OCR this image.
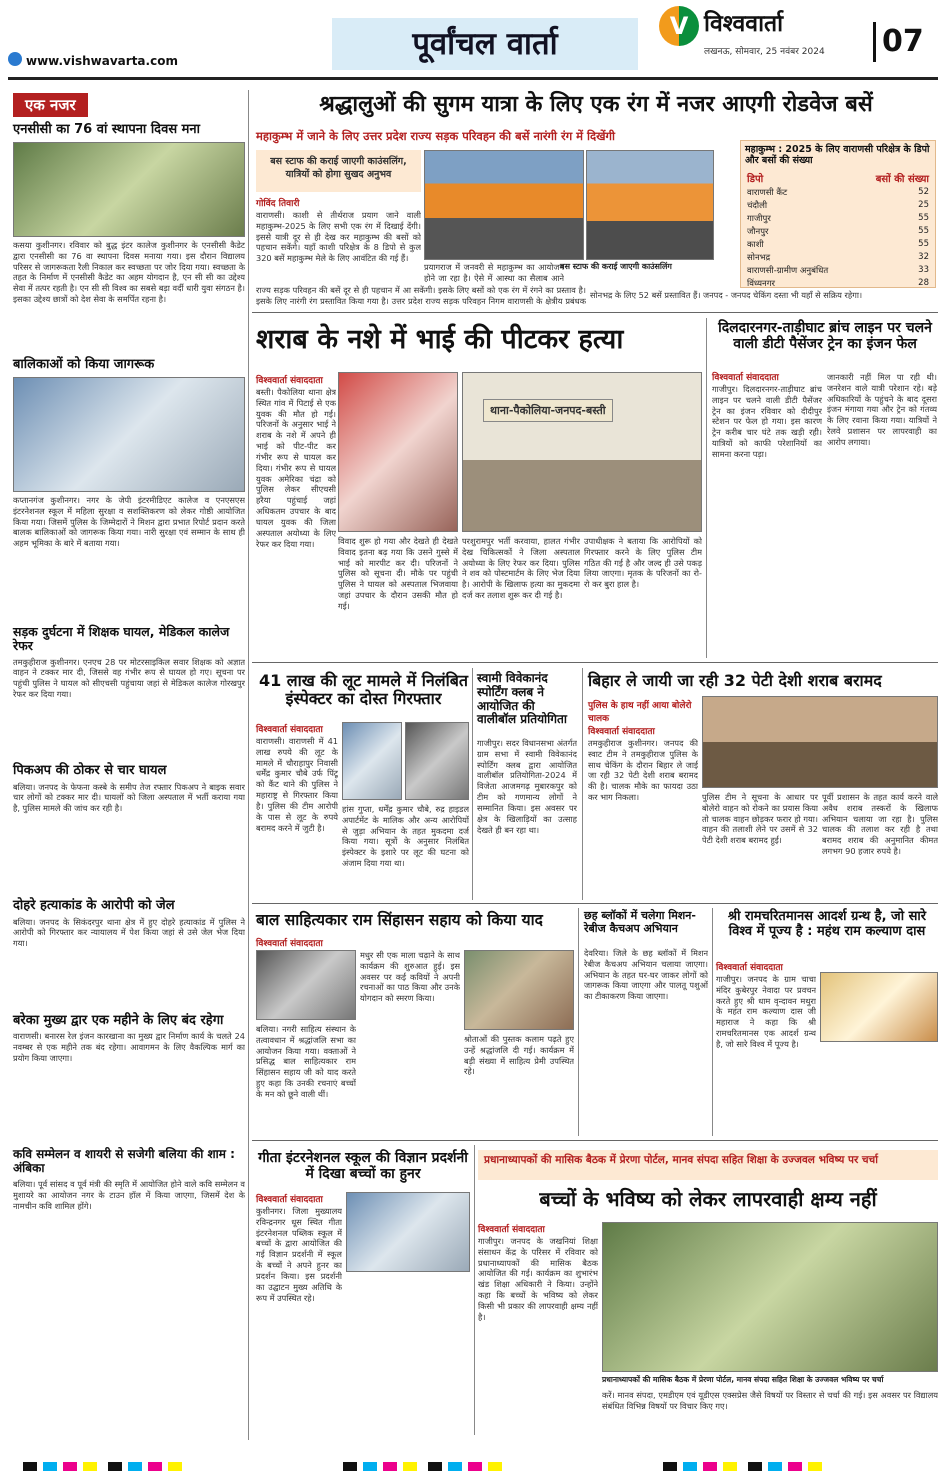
www.vishwavarta.com	पूर्वांचल वार्ता	V विश्ववार्ता
लखनऊ, सोमवार, 25 नवंबर 2024	07
एक नजर
एनसीसी का 76 वां स्थापना दिवस मना
कसया कुशीनगर। रविवार को बुद्ध इंटर कालेज कुशीनगर के एनसीसी कैडेट द्वारा एनसीसी का 76 वा स्थापना दिवस मनाया गया। इस दौरान विद्यालय परिसर से जागरूकता रैली निकाल कर स्वच्छता पर जोर दिया गया। स्वच्छता के तहत के निर्माण में एनसीसी कैडेट का अहम योगदान है, एन सी सी का उद्देश्य सेवा में तत्पर रहती है। एन सी सी विश्व का सबसे बड़ा वर्दी धारी युवा संगठन है। इसका उद्देश्य छात्रों को देश सेवा के समर्पित रहना है।
बालिकाओं को किया जागरूक
कप्तानगंज कुशीनगर। नगर के जेपी इंटरमीडिएट कालेज व एनएसएस इंटरनेशनल स्कूल में महिला सुरक्षा व सशक्तिकरण को लेकर गोष्ठी आयोजित किया गया। जिसमें पुलिस के जिम्मेदारों ने मिशन द्वारा प्रभात रिपोर्ट प्रदान करते बालक बालिकाओं को जागरूक किया गया। नारी सुरक्षा एवं सम्मान के साथ ही अहम भूमिका के बारे में बताया गया।
सड़क दुर्घटना में शिक्षक घायल, मेडिकल कालेज रेफर
तमकुहीराज कुशीनगर। एनएच 28 पर मोटरसाइकिल सवार शिक्षक को अज्ञात वाहन ने टक्कर मार दी, जिससे वह गंभीर रूप से घायल हो गए। सूचना पर पहुंची पुलिस ने घायल को सीएचसी पहुंचाया जहां से मेडिकल कालेज गोरखपुर रेफर कर दिया गया।
पिकअप की ठोकर से चार घायल
बलिया। जनपद के फेफना कस्बे के समीप तेज रफ्तार पिकअप ने बाइक सवार चार लोगों को टक्कर मार दी। घायलों को जिला अस्पताल में भर्ती कराया गया है, पुलिस मामले की जांच कर रही है।
दोहरे हत्याकांड के आरोपी को जेल
बलिया। जनपद के सिकंदरपुर थाना क्षेत्र में हुए दोहरे हत्याकांड में पुलिस ने आरोपी को गिरफ्तार कर न्यायालय में पेश किया जहां से उसे जेल भेज दिया गया।
बरेका मुख्य द्वार एक महीने के लिए बंद रहेगा
वाराणसी। बनारस रेल इंजन कारखाना का मुख्य द्वार निर्माण कार्य के चलते 24 नवम्बर से एक महीने तक बंद रहेगा। आवागमन के लिए वैकल्पिक मार्ग का प्रयोग किया जाएगा।
कवि सम्मेलन व शायरी से सजेगी बलिया की शाम : अंबिका
बलिया। पूर्व सांसद व पूर्व मंत्री की स्मृति में आयोजित होने वाले कवि सम्मेलन व मुशायरे का आयोजन नगर के टाउन हॉल में किया जाएगा, जिसमें देश के नामचीन कवि शामिल होंगे।
श्रद्धालुओं की सुगम यात्रा के लिए एक रंग में नजर आएगी रोडवेज बसें
महाकुम्भ में जाने के लिए उत्तर प्रदेश राज्य सड़क परिवहन की बसें नारंगी रंग में दिखेंगी
बस स्टाफ की कराई जाएगी काउंसलिंग, यात्रियों को होगा सुखद अनुभव
गोविंद तिवारी
वाराणसी। काशी से तीर्थराज प्रयाग जाने वाली महाकुम्भ-2025 के लिए सभी एक रंग में दिखाई देंगी। इससे यात्री दूर से ही देख कर महाकुम्भ की बसों को पहचान सकेंगे। यहाँ काशी परिक्षेत्र के 8 डिपो से कुल 320 बसें महाकुम्भ मेले के लिए आवंटित की गई हैं।
बस स्टाफ की कराई जाएगी काउंसलिंग
प्रयागराज में जनवरी से महाकुम्भ का आयोजन होने जा रहा है। ऐसे में आस्था का सैलाब आने
महाकुम्भ : 2025 के लिए वाराणसी परिक्षेत्र के डिपो और बसों की संख्या
डिपो	बसों की संख्या
वाराणसी कैंट	52
चंदौली	25
गाजीपुर	55
जौनपुर	55
काशी	55
सोनभद्र	32
वाराणसी-ग्रामीण अनुबंधित	33
विंध्यनगर	28
सोनभद्र के लिए 52 बसें प्रस्तावित हैं। जनपद - जनपद चेकिंग दस्ता भी यहाँ से सक्रिय रहेगा।
राज्य सड़क परिवहन की बसें दूर से ही पहचान में आ सकेंगी। इसके लिए बसों को एक रंग में रंगने का प्रस्ताव है। इसके लिए नारंगी रंग प्रस्तावित किया गया है। उत्तर प्रदेश राज्य सड़क परिवहन निगम वाराणसी के क्षेत्रीय प्रबंधक
शराब के नशे में भाई की पीटकर हत्या
विश्ववार्ता संवाददाता
बस्ती। पैकोलिया थाना क्षेत्र स्थित गांव में पिटाई से एक युवक की मौत हो गई। परिजनों के अनुसार भाई ने शराब के नशे में अपने ही भाई को पीट-पीट कर गंभीर रूप से घायल कर दिया। गंभीर रूप से घायल युवक अमेरिका चंद्रा को पुलिस लेकर सीएचसी हरैया पहुंचाई जहां अधिकतम उपचार के बाद घायल युवक की जिला अस्पताल अयोध्या के लिए रेफर कर दिया गया।
थाना-पैकोलिया-जनपद-बस्ती
विवाद शुरू हो गया और देखते ही देखते विवाद इतना बढ़ गया कि उसने गुस्से में भाई को मारपीट कर दी। परिजनों ने पुलिस को सूचना दी। मौके पर पहुंची पुलिस ने घायल को अस्पताल भिजवाया जहां उपचार के दौरान उसकी मौत हो गई।
परशुरामपुर भर्ती करवाया, हालत गंभीर देख चिकित्सकों ने जिला अस्पताल अयोध्या के लिए रेफर कर दिया। पुलिस ने शव को पोस्टमार्टम के लिए भेज दिया है। आरोपी के खिलाफ हत्या का मुकदमा दर्ज कर तलाश शुरू कर दी गई है।
उपाधीक्षक ने बताया कि आरोपियों को गिरफ्तार करने के लिए पुलिस टीम गठित की गई है और जल्द ही उसे पकड़ लिया जाएगा। मृतक के परिजनों का रो-रो कर बुरा हाल है।
दिलदारनगर-ताड़ीघाट ब्रांच लाइन पर चलने वाली डीटी पैसेंजर ट्रेन का इंजन फेल
विश्ववार्ता संवाददाता
गाजीपुर। दिलदारनगर-ताड़ीघाट ब्रांच लाइन पर चलने वाली डीटी पैसेंजर ट्रेन का इंजन रविवार को दीदीपुर स्टेशन पर फेल हो गया। इस कारण ट्रेन करीब चार घंटे तक खड़ी रही। यात्रियों को काफी परेशानियों का सामना करना पड़ा।
जानकारी नहीं मिल पा रही थी। जनरेशन वाले यात्री परेशान रहे। बड़े अधिकारियों के पहुंचने के बाद दूसरा इंजन मंगाया गया और ट्रेन को गंतव्य के लिए रवाना किया गया। यात्रियों ने रेलवे प्रशासन पर लापरवाही का आरोप लगाया।
41 लाख की लूट मामले में निलंबित इंस्पेक्टर का दोस्त गिरफ्तार
विश्ववार्ता संवाददाता
वाराणसी। वाराणसी में 41 लाख रुपये की लूट के मामले में चौराहापुर निवासी धर्मेंद्र कुमार चौबे उर्फ पिंटू को कैंट थाने की पुलिस ने महाराष्ट्र से गिरफ्तार किया है। पुलिस की टीम आरोपी के पास से लूट के रुपये बरामद करने में जुटी है।
हांस गुप्ता, धर्मेंद्र कुमार चौबे, रुद्र हाइडल अपार्टमेंट के मालिक और अन्य आरोपियों से जुड़ा अभियान के तहत मुकदमा दर्ज किया गया। सूत्रों के अनुसार निलंबित इंस्पेक्टर के इशारे पर लूट की घटना को अंजाम दिया गया था।
स्वामी विवेकानंद स्पोर्टिंग क्लब ने आयोजित की वालीबॉल प्रतियोगिता
गाजीपुर। सदर विधानसभा अंतर्गत ग्राम सभा में स्वामी विवेकानंद स्पोर्टिंग क्लब द्वारा आयोजित वालीबॉल प्रतियोगिता-2024 में विजेता आजमगढ़ मुबारकपुर को टीम को गणमान्य लोगों ने सम्मानित किया। इस अवसर पर क्षेत्र के खिलाड़ियों का उत्साह देखते ही बन रहा था।
बिहार ले जायी जा रही 32 पेटी देशी शराब बरामद
पुलिस के हाथ नहीं आया बोलेरो चालक
विश्ववार्ता संवाददाता
तमकुहीराज कुशीनगर। जनपद की स्वाट टीम ने तमकुहीराज पुलिस के साथ चेकिंग के दौरान बिहार ले जाई जा रही 32 पेटी देशी शराब बरामद की है। चालक मौके का फायदा उठा कर भाग निकला।	पुलिस टीम ने सूचना के आधार पर बोलेरो वाहन को रोकने का प्रयास किया तो चालक वाहन छोड़कर फरार हो गया। वाहन की तलाशी लेने पर उसमें से 32 पेटी देशी शराब बरामद हुई।
पूर्वी प्रशासन के तहत कार्य करने वाले अवैध शराब तस्करों के खिलाफ अभियान चलाया जा रहा है। पुलिस चालक की तलाश कर रही है तथा बरामद शराब की अनुमानित कीमत लगभग 90 हजार रुपये है।
बाल साहित्यकार राम सिंहासन सहाय को किया याद
विश्ववार्ता संवाददाता
बलिया। नगरी साहित्य संस्थान के तत्वावधान में श्रद्धांजलि सभा का आयोजन किया गया। वक्ताओं ने प्रसिद्ध बाल साहित्यकार राम सिंहासन सहाय जी को याद करते हुए कहा कि उनकी रचनाएं बच्चों के मन को छूने वाली थीं।
मधुर सी एक माला चढ़ाने के साथ कार्यक्रम की शुरुआत हुई। इस अवसर पर कई कवियों ने अपनी रचनाओं का पाठ किया और उनके योगदान को स्मरण किया।
श्रोताओं की पुस्तक कलाम पढ़ते हुए उन्हें श्रद्धांजलि दी गई। कार्यक्रम में बड़ी संख्या में साहित्य प्रेमी उपस्थित रहे।
छह ब्लॉकों में चलेगा मिशन-रेबीज कैचअप अभियान
देवरिया। जिले के छह ब्लॉकों में मिशन रेबीज कैचअप अभियान चलाया जाएगा। अभियान के तहत घर-घर जाकर लोगों को जागरूक किया जाएगा और पालतू पशुओं का टीकाकरण किया जाएगा।
श्री रामचरितमानस आदर्श ग्रन्थ है, जो सारे विश्व में पूज्य है : महंथ राम कल्याण दास
विश्ववार्ता संवाददाता
गाजीपुर। जनपद के ग्राम चाचा मंदिर कुबेरपुर नेवादा पर प्रवचन करते हुए श्री धाम वृन्दावन मथुरा के महंत राम कल्याण दास जी महाराज ने कहा कि श्री रामचरितमानस एक आदर्श ग्रन्थ है, जो सारे विश्व में पूज्य है।
गीता इंटरनेशनल स्कूल की विज्ञान प्रदर्शनी में दिखा बच्चों का हुनर
विश्ववार्ता संवाददाता
कुशीनगर। जिला मुख्यालय रविन्द्रनगर धूस स्थित गीता इंटरनेशनल पब्लिक स्कूल में बच्चों के द्वारा आयोजित की गई विज्ञान प्रदर्शनी में स्कूल के बच्चों ने अपने हुनर का प्रदर्शन किया। इस प्रदर्शनी का उद्घाटन मुख्य अतिथि के रूप में उपस्थित रहे।
प्रधानाध्यापकों की मासिक बैठक में प्रेरणा पोर्टल, मानव संपदा सहित शिक्षा के उज्जवल भविष्य पर चर्चा
बच्चों के भविष्य को लेकर लापरवाही क्षम्य नहीं
विश्ववार्ता संवाददाता
गाजीपुर। जनपद के जखनियां शिक्षा संसाधन केंद्र के परिसर में रविवार को प्रधानाध्यापकों की मासिक बैठक आयोजित की गई। कार्यक्रम का शुभारंभ खंड शिक्षा अधिकारी ने किया। उन्होंने कहा कि बच्चों के भविष्य को लेकर किसी भी प्रकार की लापरवाही क्षम्य नहीं है।
प्रधानाध्यापकों की मासिक बैठक में प्रेरणा पोर्टल, मानव संपदा सहित शिक्षा के उज्जवल भविष्य पर चर्चा
करें। मानव संपदा, एमडीएम एवं यूडीएस एक्सप्रेस जैसे विषयों पर विस्तार से चर्चा की गई। इस अवसर पर विद्यालय संबंधित विभिन्न विषयों पर विचार किए गए।
